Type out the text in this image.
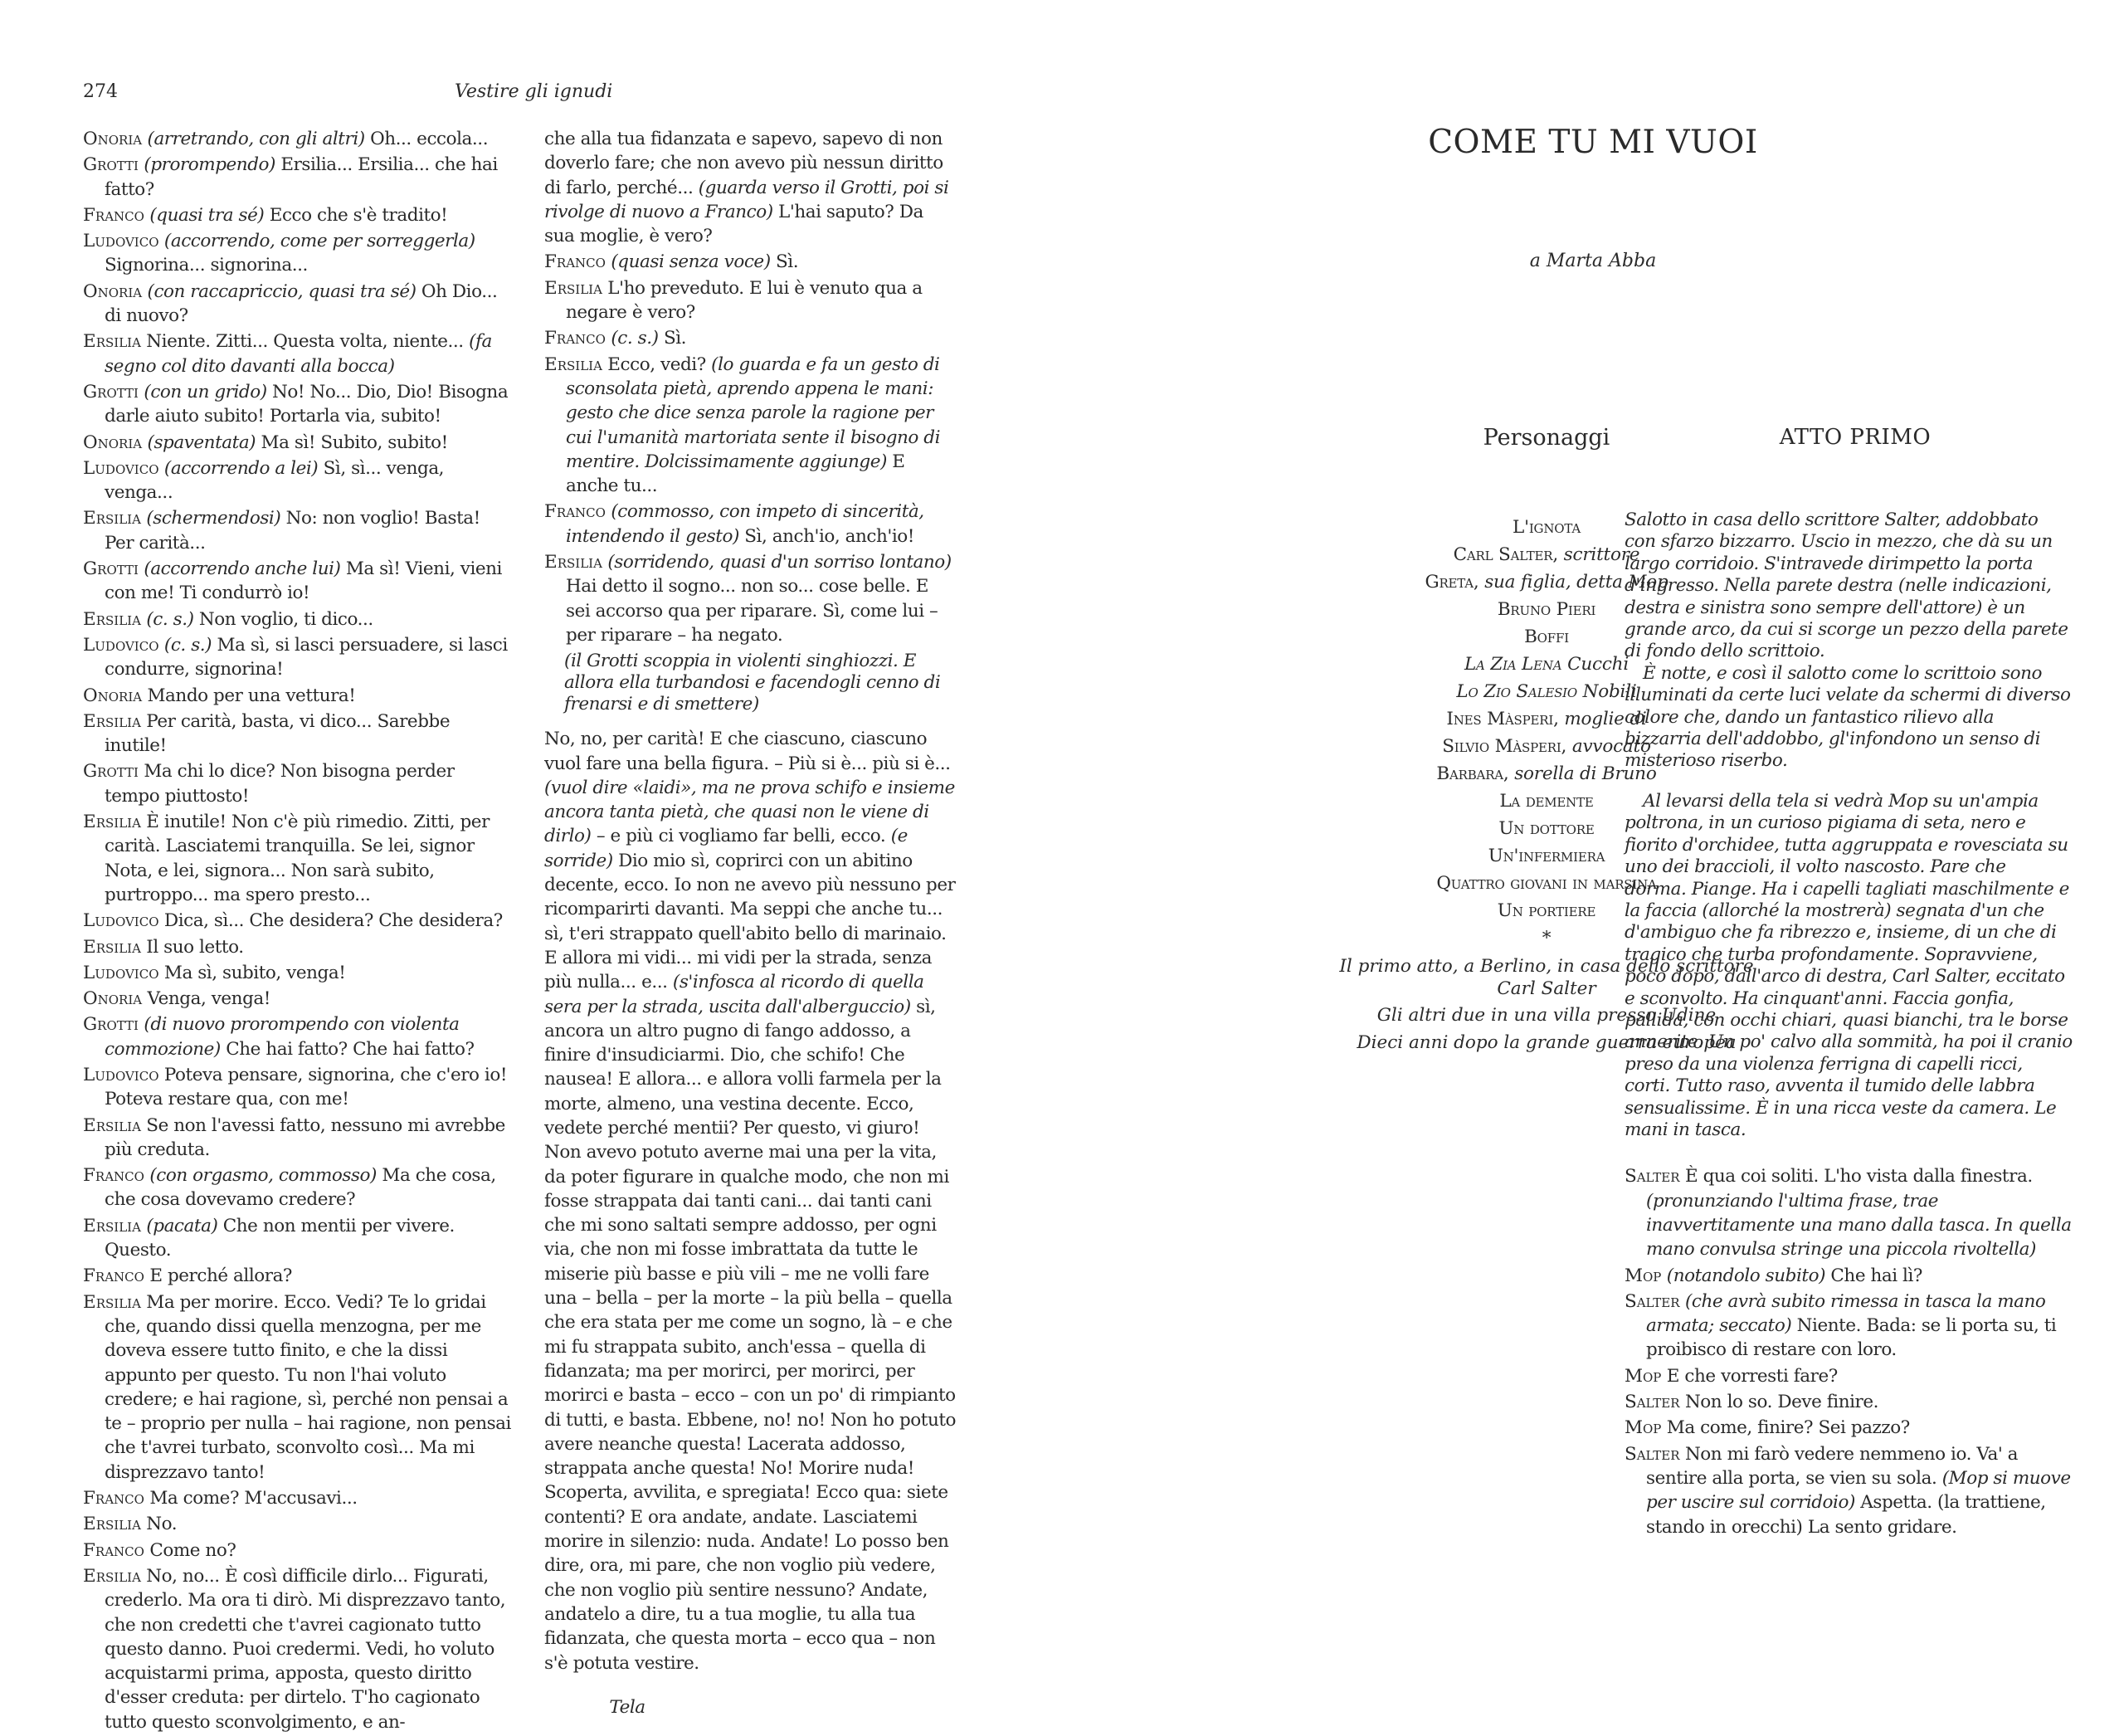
274	Vestire gli ignudi
Onoria (arretrando, con gli altri) Oh... eccola...
Grotti (prorompendo) Ersilia... Ersilia... che hai fatto?
Franco (quasi tra sé) Ecco che s'è tradito!
Ludovico (accorrendo, come per sorreggerla) Signorina... signorina...
Onoria (con raccapriccio, quasi tra sé) Oh Dio... di nuovo?
Ersilia Niente. Zitti... Questa volta, niente... (fa segno col dito davanti alla bocca)
Grotti (con un grido) No! No... Dio, Dio! Bisogna darle aiuto subito! Portarla via, subito!
Onoria (spaventata) Ma sì! Subito, subito!
Ludovico (accorrendo a lei) Sì, sì... venga, venga...
Ersilia (schermendosi) No: non voglio! Basta! Per carità...
Grotti (accorrendo anche lui) Ma sì! Vieni, vieni con me! Ti condurrò io!
Ersilia (c. s.) Non voglio, ti dico...
Ludovico (c. s.) Ma sì, si lasci persuadere, si lasci condurre, signorina!
Onoria Mando per una vettura!
Ersilia Per carità, basta, vi dico... Sarebbe inutile!
Grotti Ma chi lo dice? Non bisogna perder tempo piuttosto!
Ersilia È inutile! Non c'è più rimedio. Zitti, per carità. Lasciatemi tranquilla. Se lei, signor Nota, e lei, signora... Non sarà subito, purtroppo... ma spero presto...
Ludovico Dica, sì... Che desidera? Che desidera?
Ersilia Il suo letto.
Ludovico Ma sì, subito, venga!
Onoria Venga, venga!
Grotti (di nuovo prorompendo con violenta commozione) Che hai fatto? Che hai fatto?
Ludovico Poteva pensare, signorina, che c'ero io! Poteva restare qua, con me!
Ersilia Se non l'avessi fatto, nessuno mi avrebbe più creduta.
Franco (con orgasmo, commosso) Ma che cosa, che cosa dovevamo credere?
Ersilia (pacata) Che non mentii per vivere. Questo.
Franco E perché allora?
Ersilia Ma per morire. Ecco. Vedi? Te lo gridai che, quando dissi quella menzogna, per me doveva essere tutto finito, e che la dissi appunto per questo. Tu non l'hai voluto credere; e hai ragione, sì, perché non pensai a te – proprio per nulla – hai ragione, non pensai che t'avrei turbato, sconvolto così... Ma mi disprezzavo tanto!
Franco Ma come? M'accusavi...
Ersilia No.
Franco Come no?
Ersilia No, no... È così difficile dirlo... Figurati, crederlo. Ma ora ti dirò. Mi disprezzavo tanto, che non credetti che t'avrei cagionato tutto questo danno. Puoi credermi. Vedi, ho voluto acquistarmi prima, apposta, questo diritto d'esser creduta: per dirtelo. T'ho cagionato tutto questo sconvolgimento, e an-
che alla tua fidanzata e sapevo, sapevo di non doverlo fare; che non avevo più nessun diritto di farlo, perché... (guarda verso il Grotti, poi si rivolge di nuovo a Franco) L'hai saputo? Da sua moglie, è vero?
Franco (quasi senza voce) Sì.
Ersilia L'ho preveduto. E lui è venuto qua a negare è vero?
Franco (c. s.) Sì.
Ersilia Ecco, vedi? (lo guarda e fa un gesto di sconsolata pietà, aprendo appena le mani: gesto che dice senza parole la ragione per cui l'umanità martoriata sente il bisogno di mentire. Dolcissimamente aggiunge) E anche tu...
Franco (commosso, con impeto di sincerità, intendendo il gesto) Sì, anch'io, anch'io!
Ersilia (sorridendo, quasi d'un sorriso lontano) Hai detto il sogno... non so... cose belle. E sei accorso qua per riparare. Sì, come lui – per riparare – ha negato.
(il Grotti scoppia in violenti singhiozzi. E allora ella turbandosi e facendogli cenno di frenarsi e di smettere)
No, no, per carità! E che ciascuno, ciascuno vuol fare una bella figura. – Più si è... più si è... (vuol dire «laidi», ma ne prova schifo e insieme ancora tanta pietà, che quasi non le viene di dirlo) – e più ci vogliamo far belli, ecco. (e sorride) Dio mio sì, coprirci con un abitino decente, ecco. Io non ne avevo più nessuno per ricomparirti davanti. Ma seppi che anche tu... sì, t'eri strappato quell'abito bello di marinaio. E allora mi vidi... mi vidi per la strada, senza più nulla... e... (s'infosca al ricordo di quella sera per la strada, uscita dall'alberguccio) sì, ancora un altro pugno di fango addosso, a finire d'insudiciarmi. Dio, che schifo! Che nausea! E allora... e allora volli farmela per la morte, almeno, una vestina decente. Ecco, vedete perché mentii? Per questo, vi giuro! Non avevo potuto averne mai una per la vita, da poter figurare in qualche modo, che non mi fosse strappata dai tanti cani... dai tanti cani che mi sono saltati sempre addosso, per ogni via, che non mi fosse imbrattata da tutte le miserie più basse e più vili – me ne volli fare una – bella – per la morte – la più bella – quella che era stata per me come un sogno, là – e che mi fu strappata subito, anch'essa – quella di fidanzata; ma per morirci, per morirci, per morirci e basta – ecco – con un po' di rimpianto di tutti, e basta. Ebbene, no! no! Non ho potuto avere neanche questa! Lacerata addosso, strappata anche questa! No! Morire nuda! Scoperta, avvilita, e spregiata! Ecco qua: siete contenti? E ora andate, andate. Lasciatemi morire in silenzio: nuda. Andate! Lo posso ben dire, ora, mi pare, che non voglio più vedere, che non voglio più sentire nessuno? Andate, andatelo a dire, tu a tua moglie, tu alla tua fidanzata, che questa morta – ecco qua – non s'è potuta vestire.
Tela
COME TU MI VUOI
a Marta Abba
Personaggi	ATTO PRIMO
L'ignota
Carl Salter, scrittore
Greta, sua figlia, detta Mop
Bruno Pieri
Boffi
La Zia Lena Cucchi
Lo Zio Salesio Nobili
Ines Màsperi, moglie di
Silvio Màsperi, avvocato
Barbara, sorella di Bruno
La demente
Un dottore
Un'infermiera
Quattro giovani in marsina
Un portiere
*
Il primo atto, a Berlino, in casa dello scrittore Carl Salter
Gli altri due in una villa presso Udine
Dieci anni dopo la grande guerra europea
Salotto in casa dello scrittore Salter, addobbato con sfarzo bizzarro. Uscio in mezzo, che dà su un largo corridoio. S'intravede dirimpetto la porta d'ingresso. Nella parete destra (nelle indicazioni, destra e sinistra sono sempre dell'attore) è un grande arco, da cui si scorge un pezzo della parete di fondo dello scrittoio.
È notte, e così il salotto come lo scrittoio sono illuminati da certe luci velate da schermi di diverso colore che, dando un fantastico rilievo alla bizzarria dell'addobbo, gl'infondono un senso di misterioso riserbo.
Al levarsi della tela si vedrà Mop su un'ampia poltrona, in un curioso pigiama di seta, nero e fiorito d'orchidee, tutta aggruppata e rovesciata su uno dei braccioli, il volto nascosto. Pare che dorma. Piange. Ha i capelli tagliati maschilmente e la faccia (allorché la mostrerà) segnata d'un che d'ambiguo che fa ribrezzo e, insieme, di un che di tragico che turba profondamente. Sopravviene, poco dopo, dall'arco di destra, Carl Salter, eccitato e sconvolto. Ha cinquant'anni. Faccia gonfia, pallida, con occhi chiari, quasi bianchi, tra le borse annerite. Un po' calvo alla sommità, ha poi il cranio preso da una violenza ferrigna di capelli ricci, corti. Tutto raso, avventa il tumido delle labbra sensualissime. È in una ricca veste da camera. Le mani in tasca.
Salter È qua coi soliti. L'ho vista dalla finestra. (pronunziando l'ultima frase, trae inavvertitamente una mano dalla tasca. In quella mano convulsa stringe una piccola rivoltella)
Mop (notandolo subito) Che hai lì?
Salter (che avrà subito rimessa in tasca la mano armata; seccato) Niente. Bada: se li porta su, ti proibisco di restare con loro.
Mop E che vorresti fare?
Salter Non lo so. Deve finire.
Mop Ma come, finire? Sei pazzo?
Salter Non mi farò vedere nemmeno io. Va' a sentire alla porta, se vien su sola. (Mop si muove per uscire sul corridoio) Aspetta. (la trattiene, stando in orecchi) La sento gridare.
